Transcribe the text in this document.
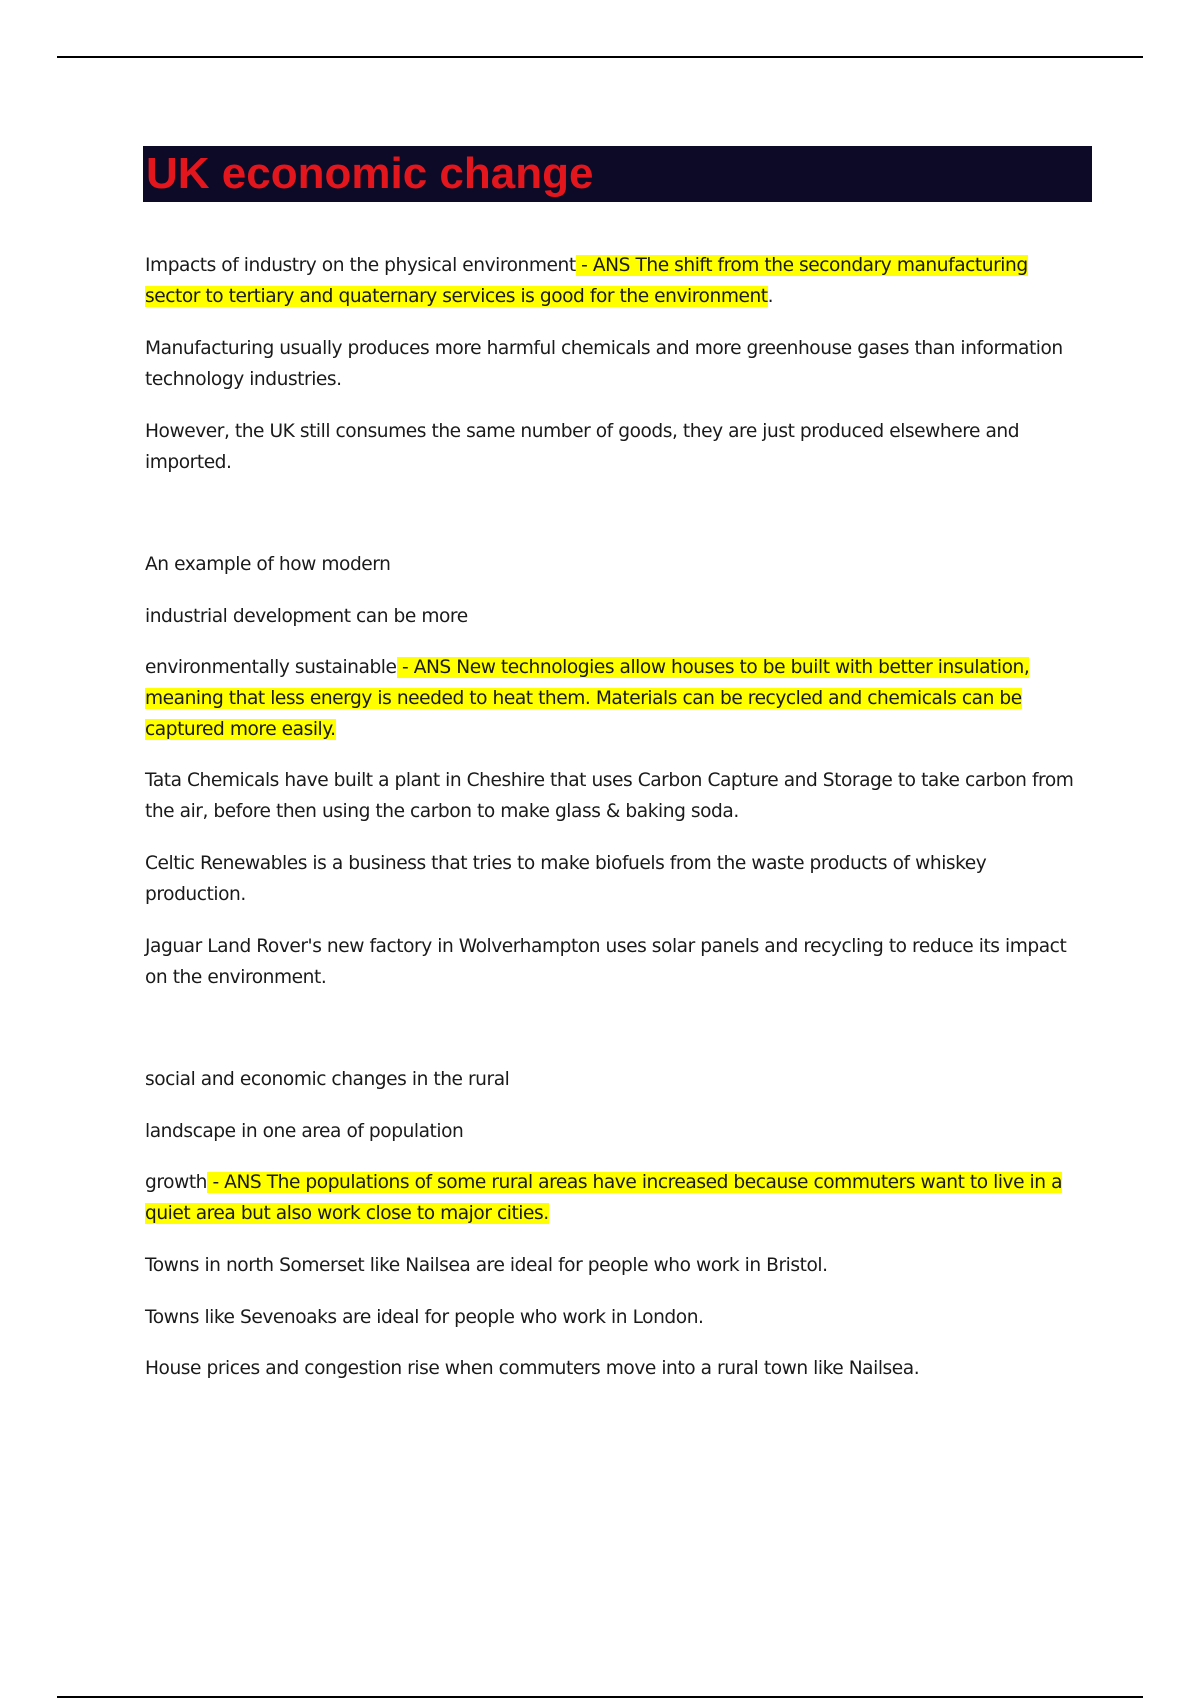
UK economic change

Impacts of industry on the physical environment - ANS The shift from the secondary manufacturing sector to tertiary and quaternary services is good for the environment.

Manufacturing usually produces more harmful chemicals and more greenhouse gases than information technology industries.

However, the UK still consumes the same number of goods, they are just produced elsewhere and imported.

An example of how modern

industrial development can be more

environmentally sustainable - ANS New technologies allow houses to be built with better insulation, meaning that less energy is needed to heat them. Materials can be recycled and chemicals can be captured more easily.

Tata Chemicals have built a plant in Cheshire that uses Carbon Capture and Storage to take carbon from the air, before then using the carbon to make glass & baking soda.

Celtic Renewables is a business that tries to make biofuels from the waste products of whiskey production.

Jaguar Land Rover's new factory in Wolverhampton uses solar panels and recycling to reduce its impact on the environment.

social and economic changes in the rural

landscape in one area of population

growth - ANS The populations of some rural areas have increased because commuters want to live in a quiet area but also work close to major cities.

Towns in north Somerset like Nailsea are ideal for people who work in Bristol.

Towns like Sevenoaks are ideal for people who work in London.

House prices and congestion rise when commuters move into a rural town like Nailsea.
